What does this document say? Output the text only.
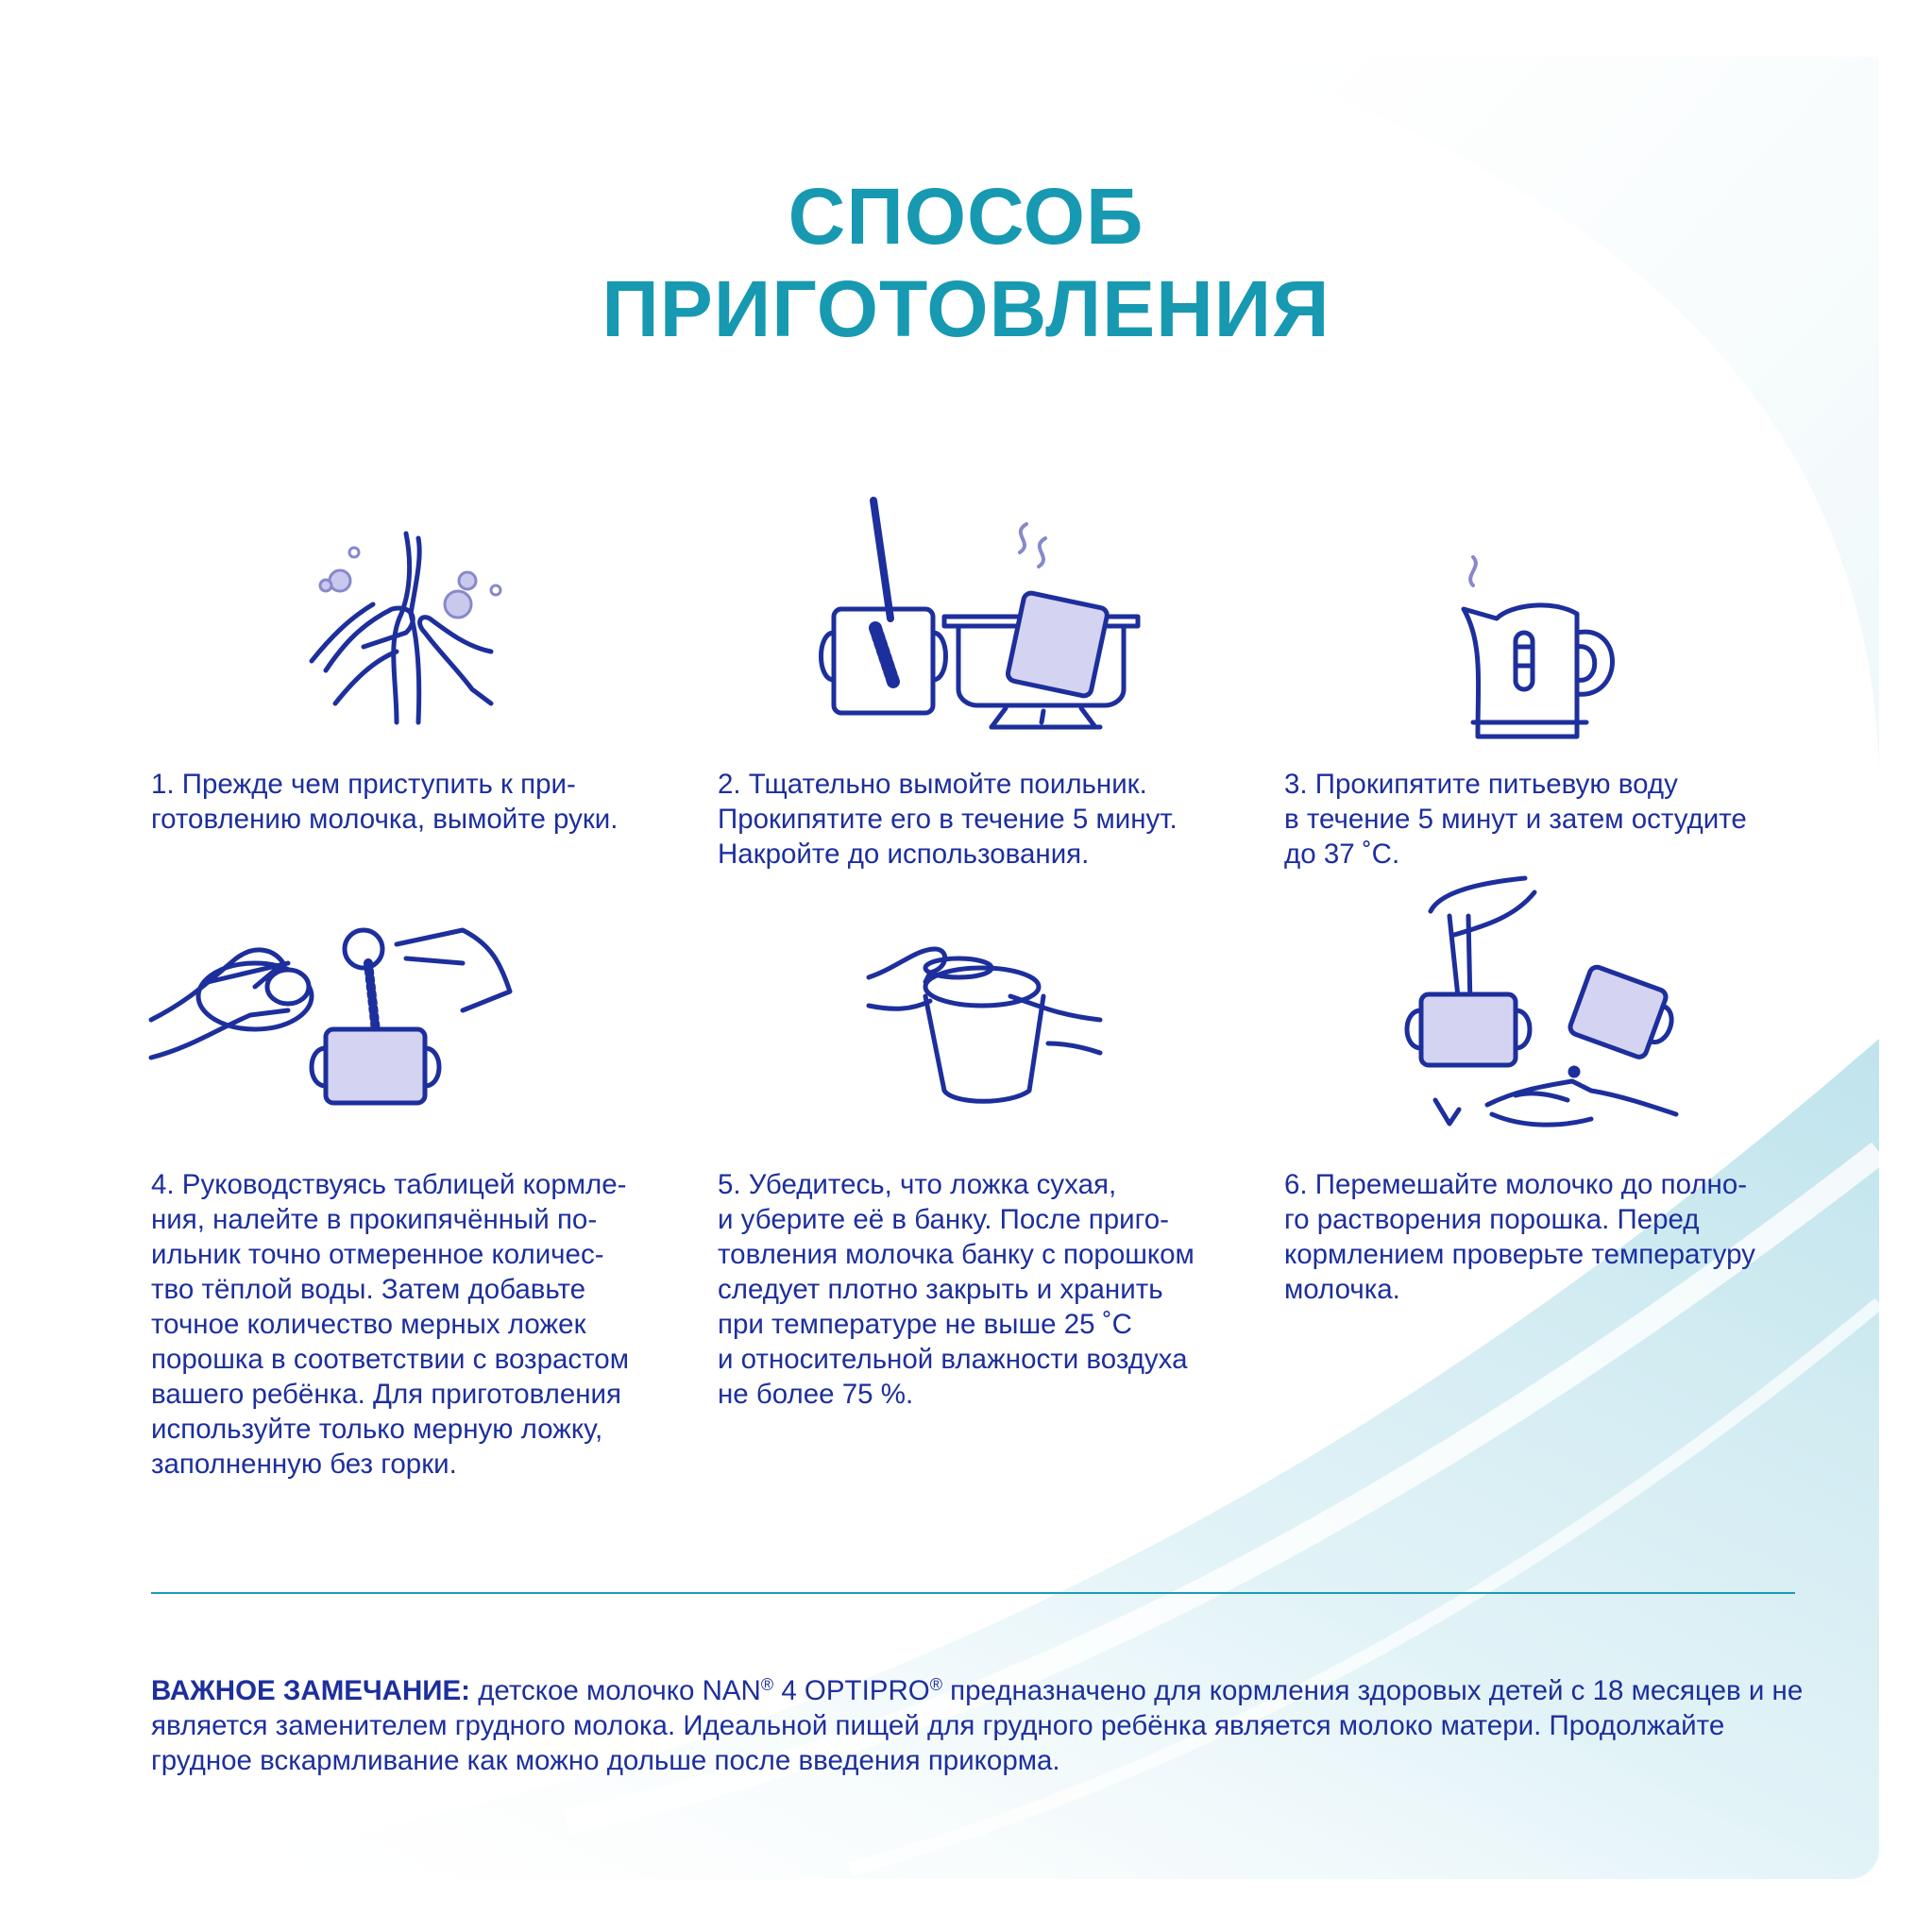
СПОСОБ
ПРИГОТОВЛЕНИЯ
1. Прежде чем приступить к при-
готовлению молочка, вымойте руки.
2. Тщательно вымойте поильник.
Прокипятите его в течение 5 минут.
Накройте до использования.
3. Прокипятите питьевую воду
в течение 5 минут и затем остудите
до 37 ˚C.
4. Руководствуясь таблицей кормле-
ния, налейте в прокипячённый по-
ильник точно отмеренное количес-
тво тёплой воды. Затем добавьте
точное количество мерных ложек
порошка в соответствии с возрастом
вашего ребёнка. Для приготовления
используйте только мерную ложку,
заполненную без горки.
5. Убедитесь, что ложка сухая,
и уберите её в банку. После приго-
товления молочка банку с порошком
следует плотно закрыть и хранить
при температуре не выше 25 ˚C
и относительной влажности воздуха
не более 75 %.
6. Перемешайте молочко до полно-
го растворения порошка. Перед
кормлением проверьте температуру
молочка.
ВАЖНОЕ ЗАМЕЧАНИЕ: детское молочко NAN® 4 OPTIPRO® предназначено для кормления здоровых детей с 18 месяцев и не является заменителем грудного молока. Идеальной пищей для грудного ребёнка является молоко матери. Продолжайте грудное вскармливание как можно дольше после введения прикорма.
